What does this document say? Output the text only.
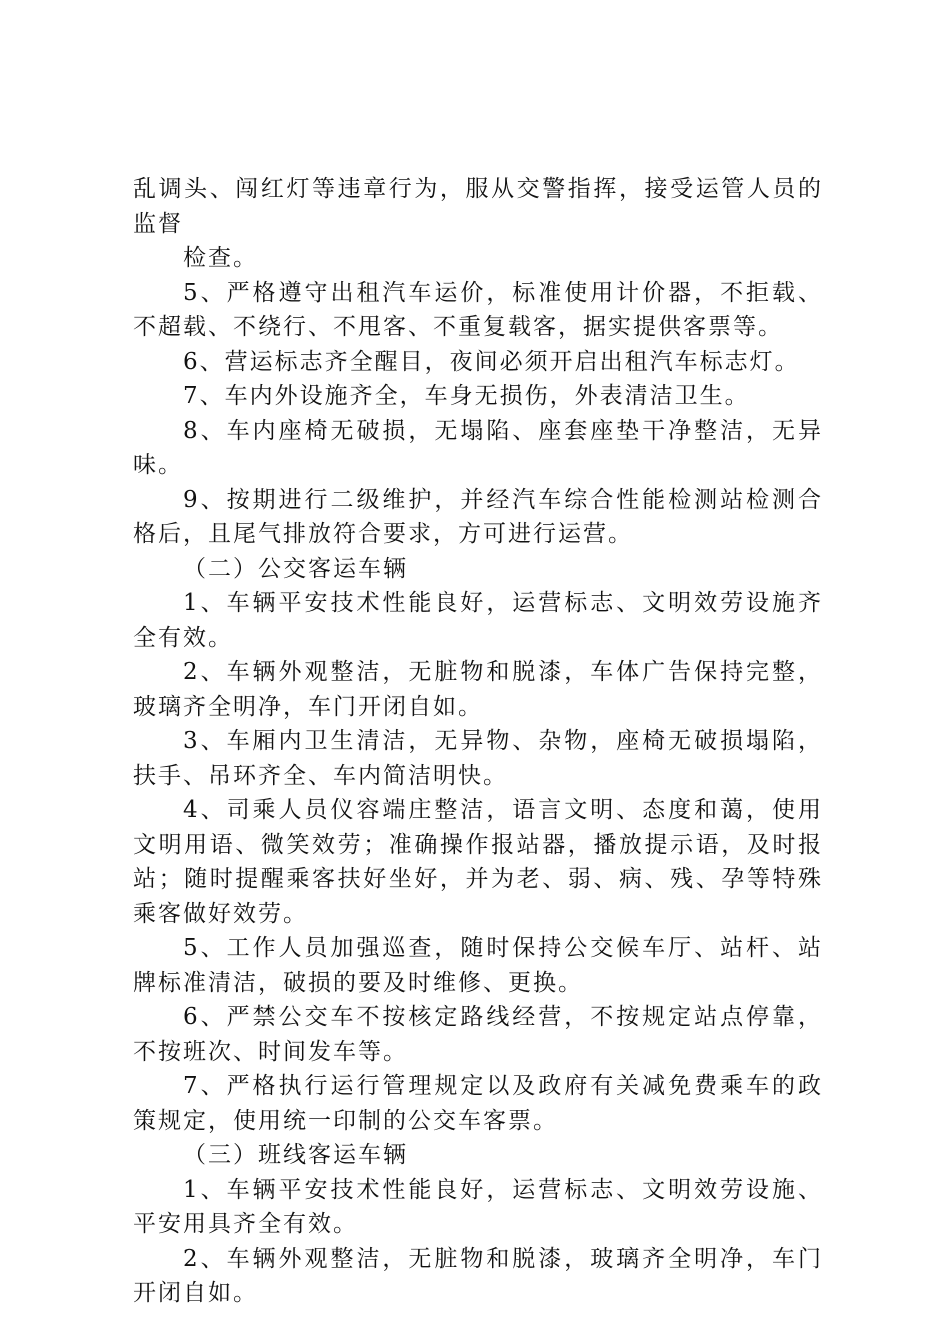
乱调头、闯红灯等违章行为，服从交警指挥，接受运管人员的监督

检查。

5、严格遵守出租汽车运价，标准使用计价器，不拒载、不超载、不绕行、不甩客、不重复载客，据实提供客票等。

6、营运标志齐全醒目，夜间必须开启出租汽车标志灯。

7、车内外设施齐全，车身无损伤，外表清洁卫生。

8、车内座椅无破损，无塌陷、座套座垫干净整洁，无异味。

9、按期进行二级维护，并经汽车综合性能检测站检测合格后，且尾气排放符合要求，方可进行运营。

（二）公交客运车辆

1、车辆平安技术性能良好，运营标志、文明效劳设施齐全有效。

2、车辆外观整洁，无脏物和脱漆，车体广告保持完整，玻璃齐全明净，车门开闭自如。

3、车厢内卫生清洁，无异物、杂物，座椅无破损塌陷，扶手、吊环齐全、车内简洁明快。

4、司乘人员仪容端庄整洁，语言文明、态度和蔼，使用文明用语、微笑效劳；准确操作报站器，播放提示语，及时报站；随时提醒乘客扶好坐好，并为老、弱、病、残、孕等特殊乘客做好效劳。

5、工作人员加强巡查，随时保持公交候车厅、站杆、站牌标准清洁，破损的要及时维修、更换。

6、严禁公交车不按核定路线经营，不按规定站点停靠，不按班次、时间发车等。

7、严格执行运行管理规定以及政府有关减免费乘车的政策规定，使用统一印制的公交车客票。

（三）班线客运车辆

1、车辆平安技术性能良好，运营标志、文明效劳设施、平安用具齐全有效。

2、车辆外观整洁，无脏物和脱漆，玻璃齐全明净，车门开闭自如。
